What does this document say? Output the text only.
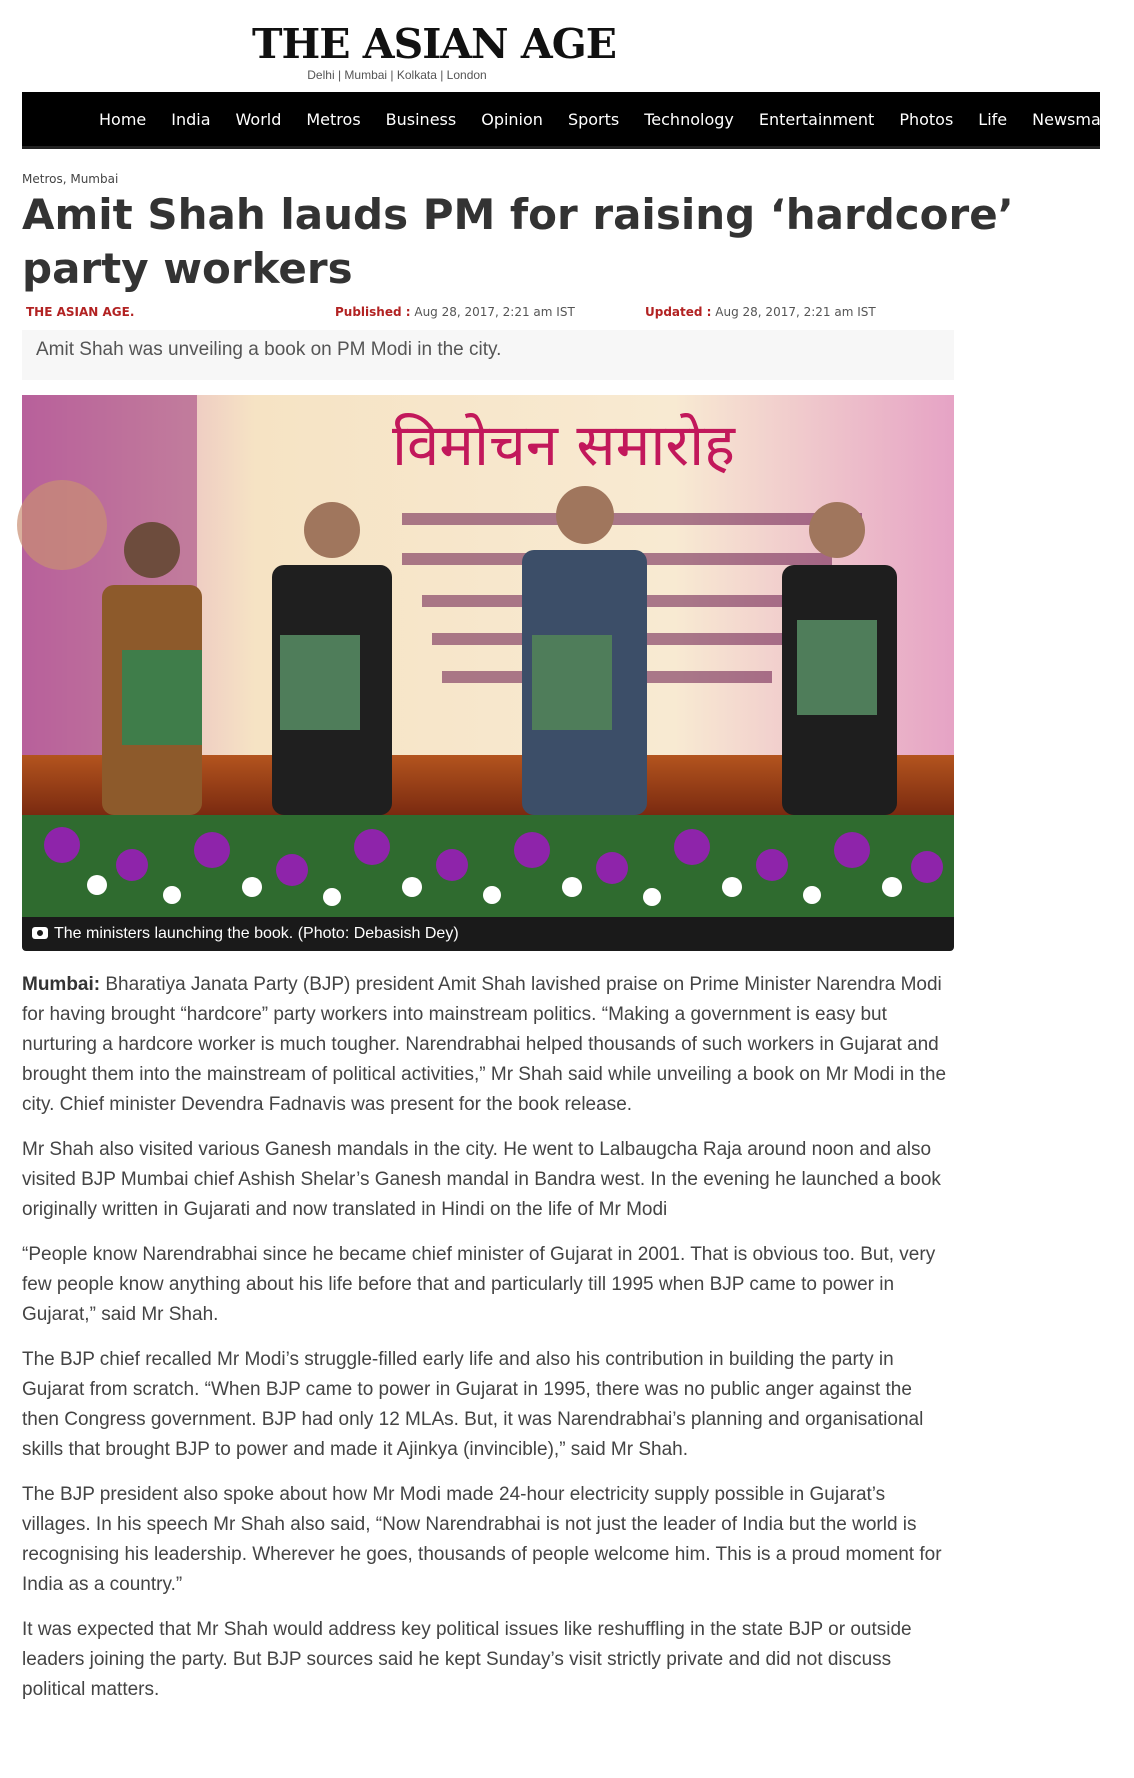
THE ASIAN AGE
Delhi | Mumbai | Kolkata | London
Home India World Metros Business Opinion Sports Technology Entertainment Photos Life Newsmakers
Metros, Mumbai
Amit Shah lauds PM for raising ‘hardcore’ party workers
THE ASIAN AGE.	Published : Aug 28, 2017, 2:21 am IST	Updated : Aug 28, 2017, 2:21 am IST
Amit Shah was unveiling a book on PM Modi in the city.
विमोचन समारोह
The ministers launching the book. (Photo: Debasish Dey)

Mumbai: Bharatiya Janata Party (BJP) president Amit Shah lavished praise on Prime Minister Narendra Modi for having brought “hardcore” party workers into mainstream politics. “Making a government is easy but nurturing a hardcore worker is much tougher. Narendrabhai helped thousands of such workers in Gujarat and brought them into the mainstream of political activities,” Mr Shah said while unveiling a book on Mr Modi in the city. Chief minister Devendra Fadnavis was present for the book release.

Mr Shah also visited various Ganesh mandals in the city. He went to Lalbaugcha Raja around noon and also visited BJP Mumbai chief Ashish Shelar’s Ganesh mandal in Bandra west. In the evening he launched a book originally written in Gujarati and now translated in Hindi on the life of Mr Modi

“People know Narendrabhai since he became chief minister of Gujarat in 2001. That is obvious too. But, very few people know anything about his life before that and particularly till 1995 when BJP came to power in Gujarat,” said Mr Shah.

The BJP chief recalled Mr Modi’s struggle-filled early life and also his contribution in building the party in Gujarat from scratch. “When BJP came to power in Gujarat in 1995, there was no public anger against the then Congress government. BJP had only 12 MLAs. But, it was Narendrabhai’s planning and organisational skills that brought BJP to power and made it Ajinkya (invincible),” said Mr Shah.

The BJP president also spoke about how Mr Modi made 24-hour electricity supply possible in Gujarat’s villages. In his speech Mr Shah also said, “Now Narendrabhai is not just the leader of India but the world is recognising his leadership. Wherever he goes, thousands of people welcome him. This is a proud moment for India as a country.”

It was expected that Mr Shah would address key political issues like reshuffling in the state BJP or outside leaders joining the party. But BJP sources said he kept Sunday’s visit strictly private and did not discuss political matters.
